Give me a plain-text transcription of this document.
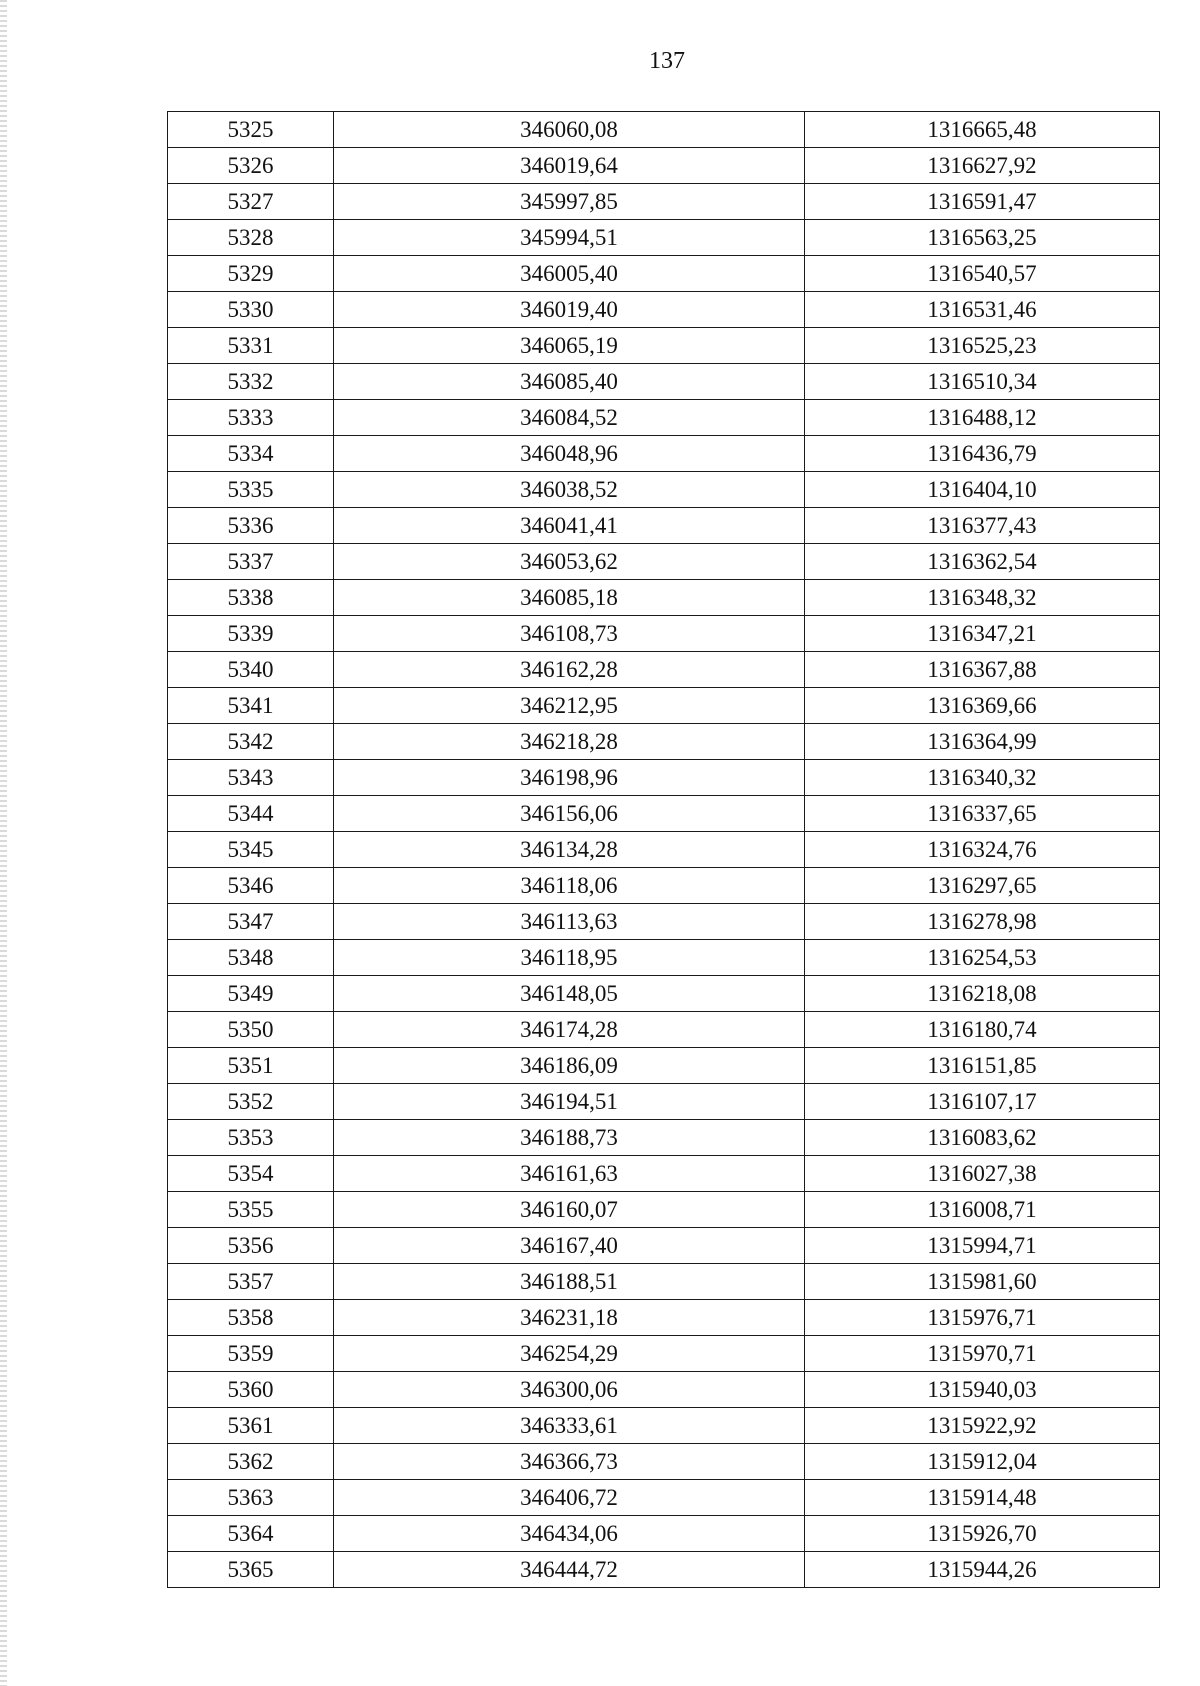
137
5325	346060,08	1316665,48
5326	346019,64	1316627,92
5327	345997,85	1316591,47
5328	345994,51	1316563,25
5329	346005,40	1316540,57
5330	346019,40	1316531,46
5331	346065,19	1316525,23
5332	346085,40	1316510,34
5333	346084,52	1316488,12
5334	346048,96	1316436,79
5335	346038,52	1316404,10
5336	346041,41	1316377,43
5337	346053,62	1316362,54
5338	346085,18	1316348,32
5339	346108,73	1316347,21
5340	346162,28	1316367,88
5341	346212,95	1316369,66
5342	346218,28	1316364,99
5343	346198,96	1316340,32
5344	346156,06	1316337,65
5345	346134,28	1316324,76
5346	346118,06	1316297,65
5347	346113,63	1316278,98
5348	346118,95	1316254,53
5349	346148,05	1316218,08
5350	346174,28	1316180,74
5351	346186,09	1316151,85
5352	346194,51	1316107,17
5353	346188,73	1316083,62
5354	346161,63	1316027,38
5355	346160,07	1316008,71
5356	346167,40	1315994,71
5357	346188,51	1315981,60
5358	346231,18	1315976,71
5359	346254,29	1315970,71
5360	346300,06	1315940,03
5361	346333,61	1315922,92
5362	346366,73	1315912,04
5363	346406,72	1315914,48
5364	346434,06	1315926,70
5365	346444,72	1315944,26
